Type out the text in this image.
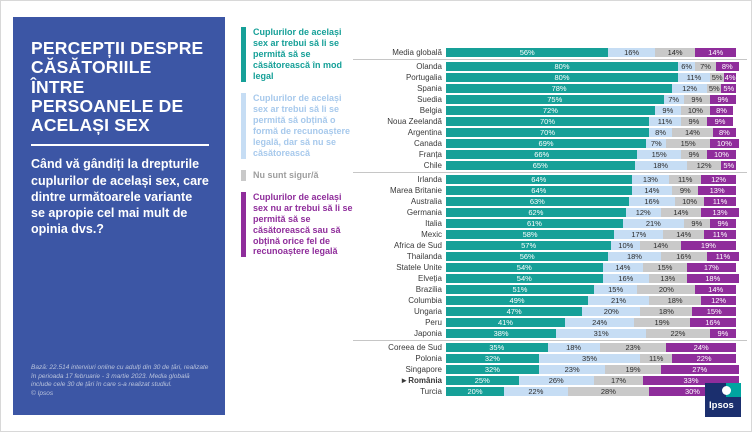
PERCEPȚII DESPRE CĂSĂTORIILE ÎNTRE PERSOANELE DE ACELAȘI SEX
Când vă gândiți la drepturile cuplurilor de același sex, care dintre următoarele variante se apropie cel mai mult de opinia dvs.?
Bază: 22.514 interviuri online cu adulți din 30 de țări, realizate în perioada 17 februarie - 3 martie 2023. Media globală include cele 30 de țări în care s-a realizat studiul.
© Ipsos
Cuplurilor de același sex ar trebui să li se permită să se căsătorească în mod legal
Cuplurilor de același sex ar trebui să li se permită să obțină o formă de recunoaștere legală, dar să nu se căsătorească
Nu sunt sigur/ă
Cuplurilor de același sex nu ar trebui să li se permită să se căsătorească sau să obțină orice fel de recunoaștere legală
Media globală	56%	16%	14%	14%
Olanda	80%	6%	7%	8%
Portugalia	80%	11%	5% 4%
Spania	78%	12%	5% 5%
Suedia	75%	7%	9%	9%
Belgia	72%	9%	10%	8%
Noua Zeelandă	70%	11%	9%	9%
Argentina	70%	8%	14%	8%
Canada	69%	7%	15%	10%
Franța	66%	15%	9%	10%
Chile	65%	18%	12%	5%
Irlanda	64%	13%	11%	12%
Marea Britanie	64%	14%	9%	13%
Australia	63%	16%	10%	11%
Germania	62%	12%	14%	13%
Italia	61%	21%	9%	9%
Mexic	58%	17%	14%	11%
Africa de Sud	57%	10%	14%	19%
Thailanda	56%	18%	16%	11%
Statele Unite	54%	14%	15%	17%
Elveția	54%	16%	13%	18%
Brazilia	51%	15%	20%	14%
Columbia	49%	21%	18%	12%
Ungaria	47%	20%	18%	15%
Peru	41%	24%	19%	16%
Japonia	38%	31%	22%	9%
Coreea de Sud	35%	18%	23%	24%
Polonia	32%	35%	11%	22%
Singapore	32%	23%	19%	27%
►România	25%	26%	17%	33%
Turcia	20%	22%	28%	30%
Ipsos
